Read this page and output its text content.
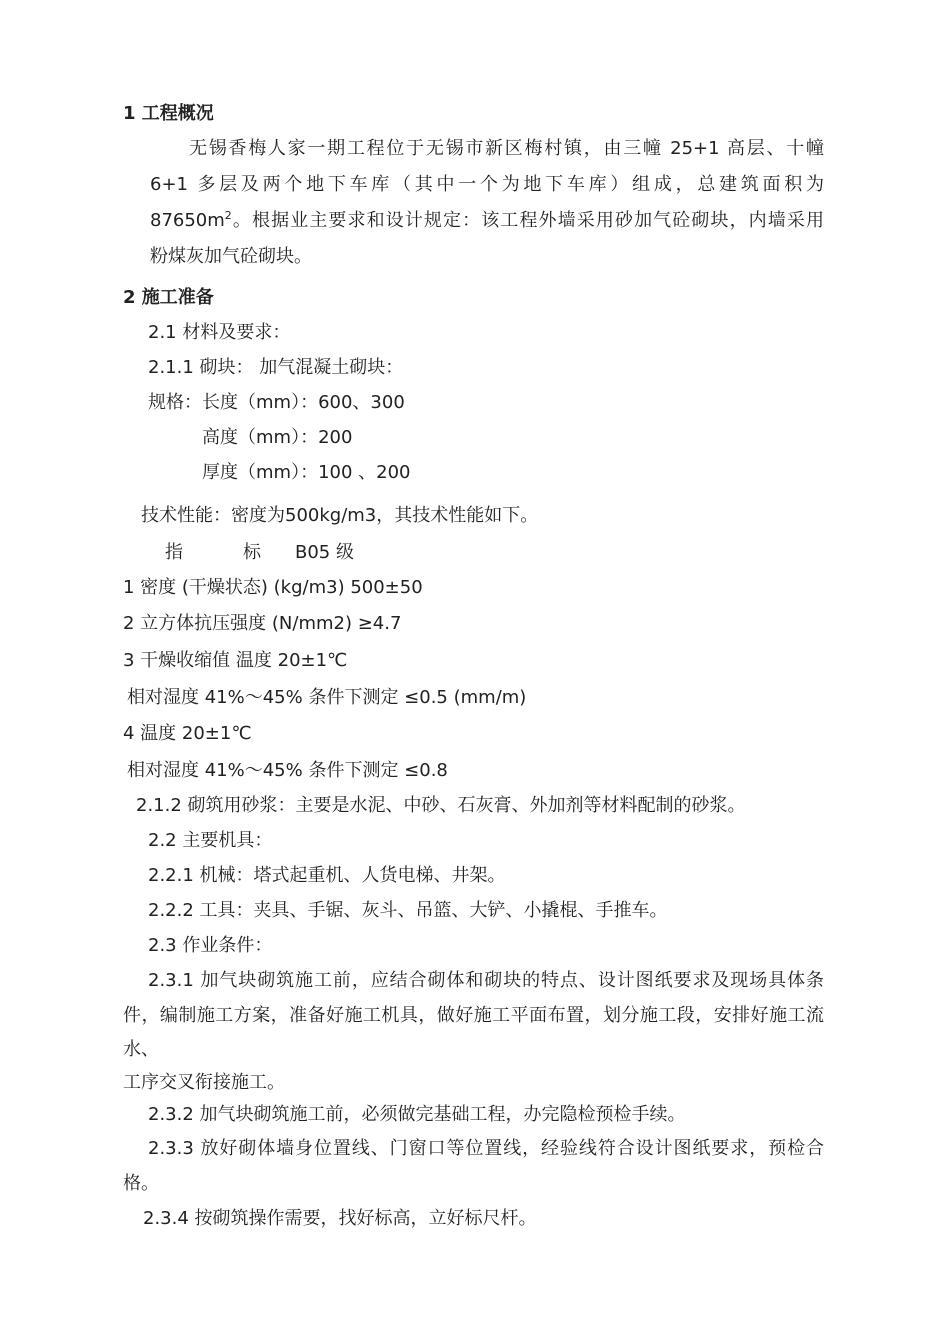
1 工程概况
无锡香梅人家一期工程位于无锡市新区梅村镇，由三幢 25+1 高层、十幢
6+1 多层及两个地下车库（其中一个为地下车库）组成，总建筑面积为
$87650m^2$。根据业主要求和设计规定：该工程外墙采用砂加气砼砌块，内墙采用
粉煤灰加气砼砌块。
2 施工准备
2.1 材料及要求：
2.1.1 砌块： 加气混凝土砌块：
规格：长度（mm）：600、300
高度（mm）：200
厚度（mm）：100 、200
技术性能：密度为500kg/m3，其技术性能如下。
指	标 B05 级
1 密度 (干燥状态) (kg/m3) 500±50
2 立方体抗压强度 (N/mm2) ≥4.7
3 干燥收缩值 温度 20±1℃
相对湿度 41%～45% 条件下测定 ≤0.5 (mm/m)
4 温度 20±1℃
相对湿度 41%～45% 条件下测定 ≤0.8
2.1.2 砌筑用砂浆：主要是水泥、中砂、石灰膏、外加剂等材料配制的砂浆。
2.2 主要机具：
2.2.1 机械：塔式起重机、人货电梯、井架。
2.2.2 工具：夹具、手锯、灰斗、吊篮、大铲、小撬棍、手推车。
2.3 作业条件：
2.3.1 加气块砌筑施工前，应结合砌体和砌块的特点、设计图纸要求及现场具体条
件，编制施工方案，准备好施工机具，做好施工平面布置，划分施工段，安排好施工流
水、
工序交叉衔接施工。
2.3.2 加气块砌筑施工前，必须做完基础工程，办完隐检预检手续。
2.3.3 放好砌体墙身位置线、门窗口等位置线，经验线符合设计图纸要求，预检合
格。
2.3.4 按砌筑操作需要，找好标高，立好标尺杆。
